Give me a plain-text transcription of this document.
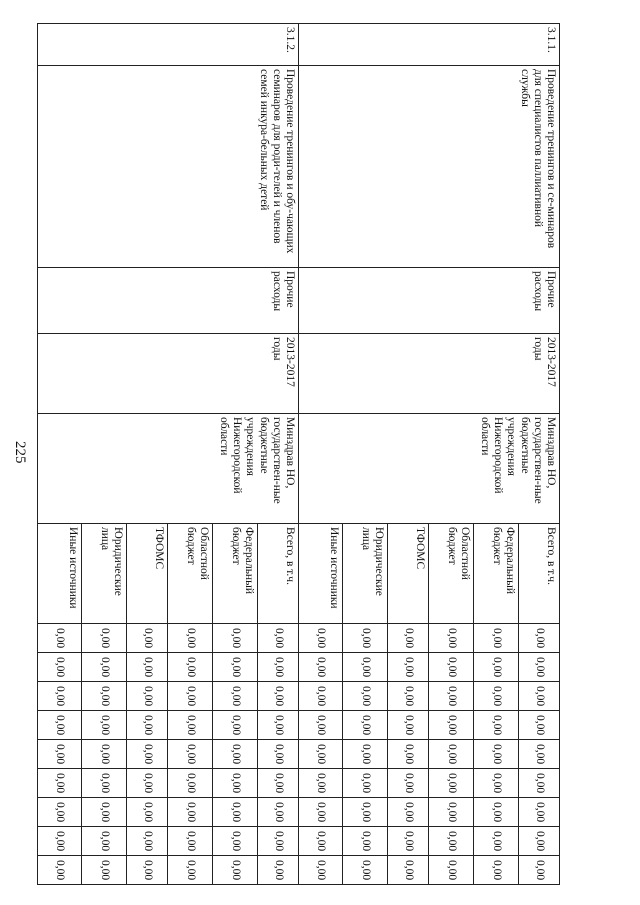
225
3.1.1.	Проведение тренингов и се-минаров для специалистов паллиативной службы	Прочие расходы	2013-2017 годы	Минздрав НО, государствен-ные бюджетные учреждения Нижегородской области	Всего, в т.ч.	0,00	0,00	0,00	0,00	0,00	0,00	0,00	0,00	0,00
					Федеральный бюджет	0,00	0,00	0,00	0,00	0,00	0,00	0,00	0,00	0,00
					Областной бюджет	0,00	0,00	0,00	0,00	0,00	0,00	0,00	0,00	0,00
					ТФОМС	0,00	0,00	0,00	0,00	0,00	0,00	0,00	0,00	0,00
					Юридические лица	0,00	0,00	0,00	0,00	0,00	0,00	0,00	0,00	0,00
					Иные источники	0,00	0,00	0,00	0,00	0,00	0,00	0,00	0,00	0,00
3.1.2.	Проведение тренингов и обу-чающих семинаров для роди-телей и членов семей инкура-бельных детей	Прочие расходы	2013-2017 годы	Минздрав НО, государствен-ные бюджетные учреждения Нижегородской области	Всего, в т.ч.	0,00	0,00	0,00	0,00	0,00	0,00	0,00	0,00	0,00
					Федеральный бюджет	0,00	0,00	0,00	0,00	0,00	0,00	0,00	0,00	0,00
					Областной бюджет	0,00	0,00	0,00	0,00	0,00	0,00	0,00	0,00	0,00
					ТФОМС	0,00	0,00	0,00	0,00	0,00	0,00	0,00	0,00	0,00
					Юридические лица	0,00	0,00	0,00	0,00	0,00	0,00	0,00	0,00	0,00
					Иные источники	0,00	0,00	0,00	0,00	0,00	0,00	0,00	0,00	0,00
